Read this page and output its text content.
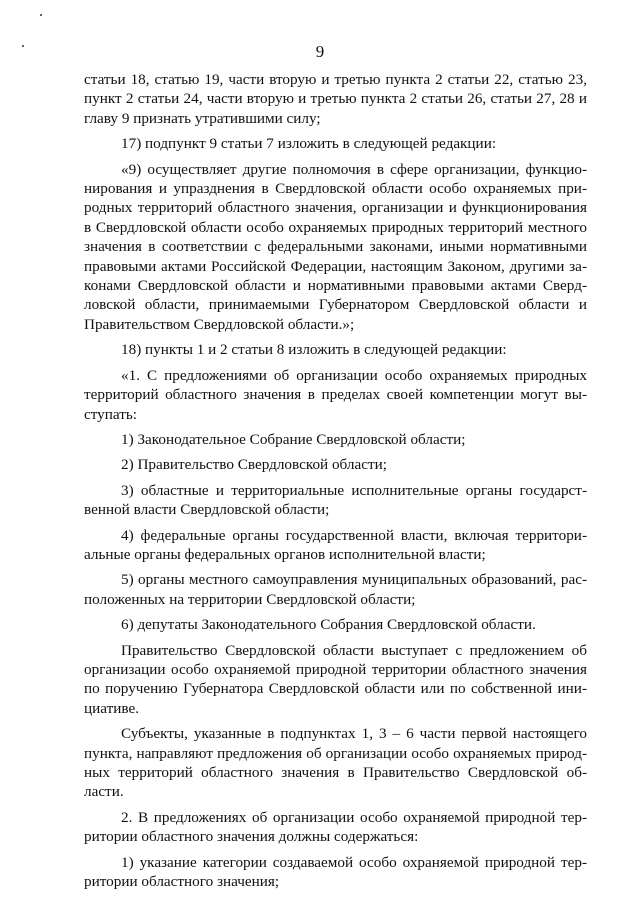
9

статьи 18, статью 19, части вторую и третью пункта 2 статьи 22, статью 23, пункт 2 статьи 24, части вторую и третью пункта 2 статьи 26, статьи 27, 28 и главу 9 признать утратившими силу;

17) подпункт 9 статьи 7 изложить в следующей редакции:

«9) осуществляет другие полномочия в сфере организации, функционирования и упразднения в Свердловской области особо охраняемых природных территорий областного значения, организации и функционирования в Свердловской области особо охраняемых природных территорий местного значения в соответствии с федеральными законами, иными нормативными правовыми актами Российской Федерации, настоящим Законом, другими законами Свердловской области и нормативными правовыми актами Свердловской области, принимаемыми Губернатором Свердловской области и Правительством Свердловской области.»;

18) пункты 1 и 2 статьи 8 изложить в следующей редакции:

«1. С предложениями об организации особо охраняемых природных территорий областного значения в пределах своей компетенции могут выступать:

1) Законодательное Собрание Свердловской области;

2) Правительство Свердловской области;

3) областные и территориальные исполнительные органы государственной власти Свердловской области;

4) федеральные органы государственной власти, включая территориальные органы федеральных органов исполнительной власти;

5) органы местного самоуправления муниципальных образований, расположенных на территории Свердловской области;

6) депутаты Законодательного Собрания Свердловской области.

Правительство Свердловской области выступает с предложением об организации особо охраняемой природной территории областного значения по поручению Губернатора Свердловской области или по собственной инициативе.

Субъекты, указанные в подпунктах 1, 3 – 6 части первой настоящего пункта, направляют предложения об организации особо охраняемых природных территорий областного значения в Правительство Свердловской области.

2. В предложениях об организации особо охраняемой природной территории областного значения должны содержаться:

1) указание категории создаваемой особо охраняемой природной территории областного значения;
